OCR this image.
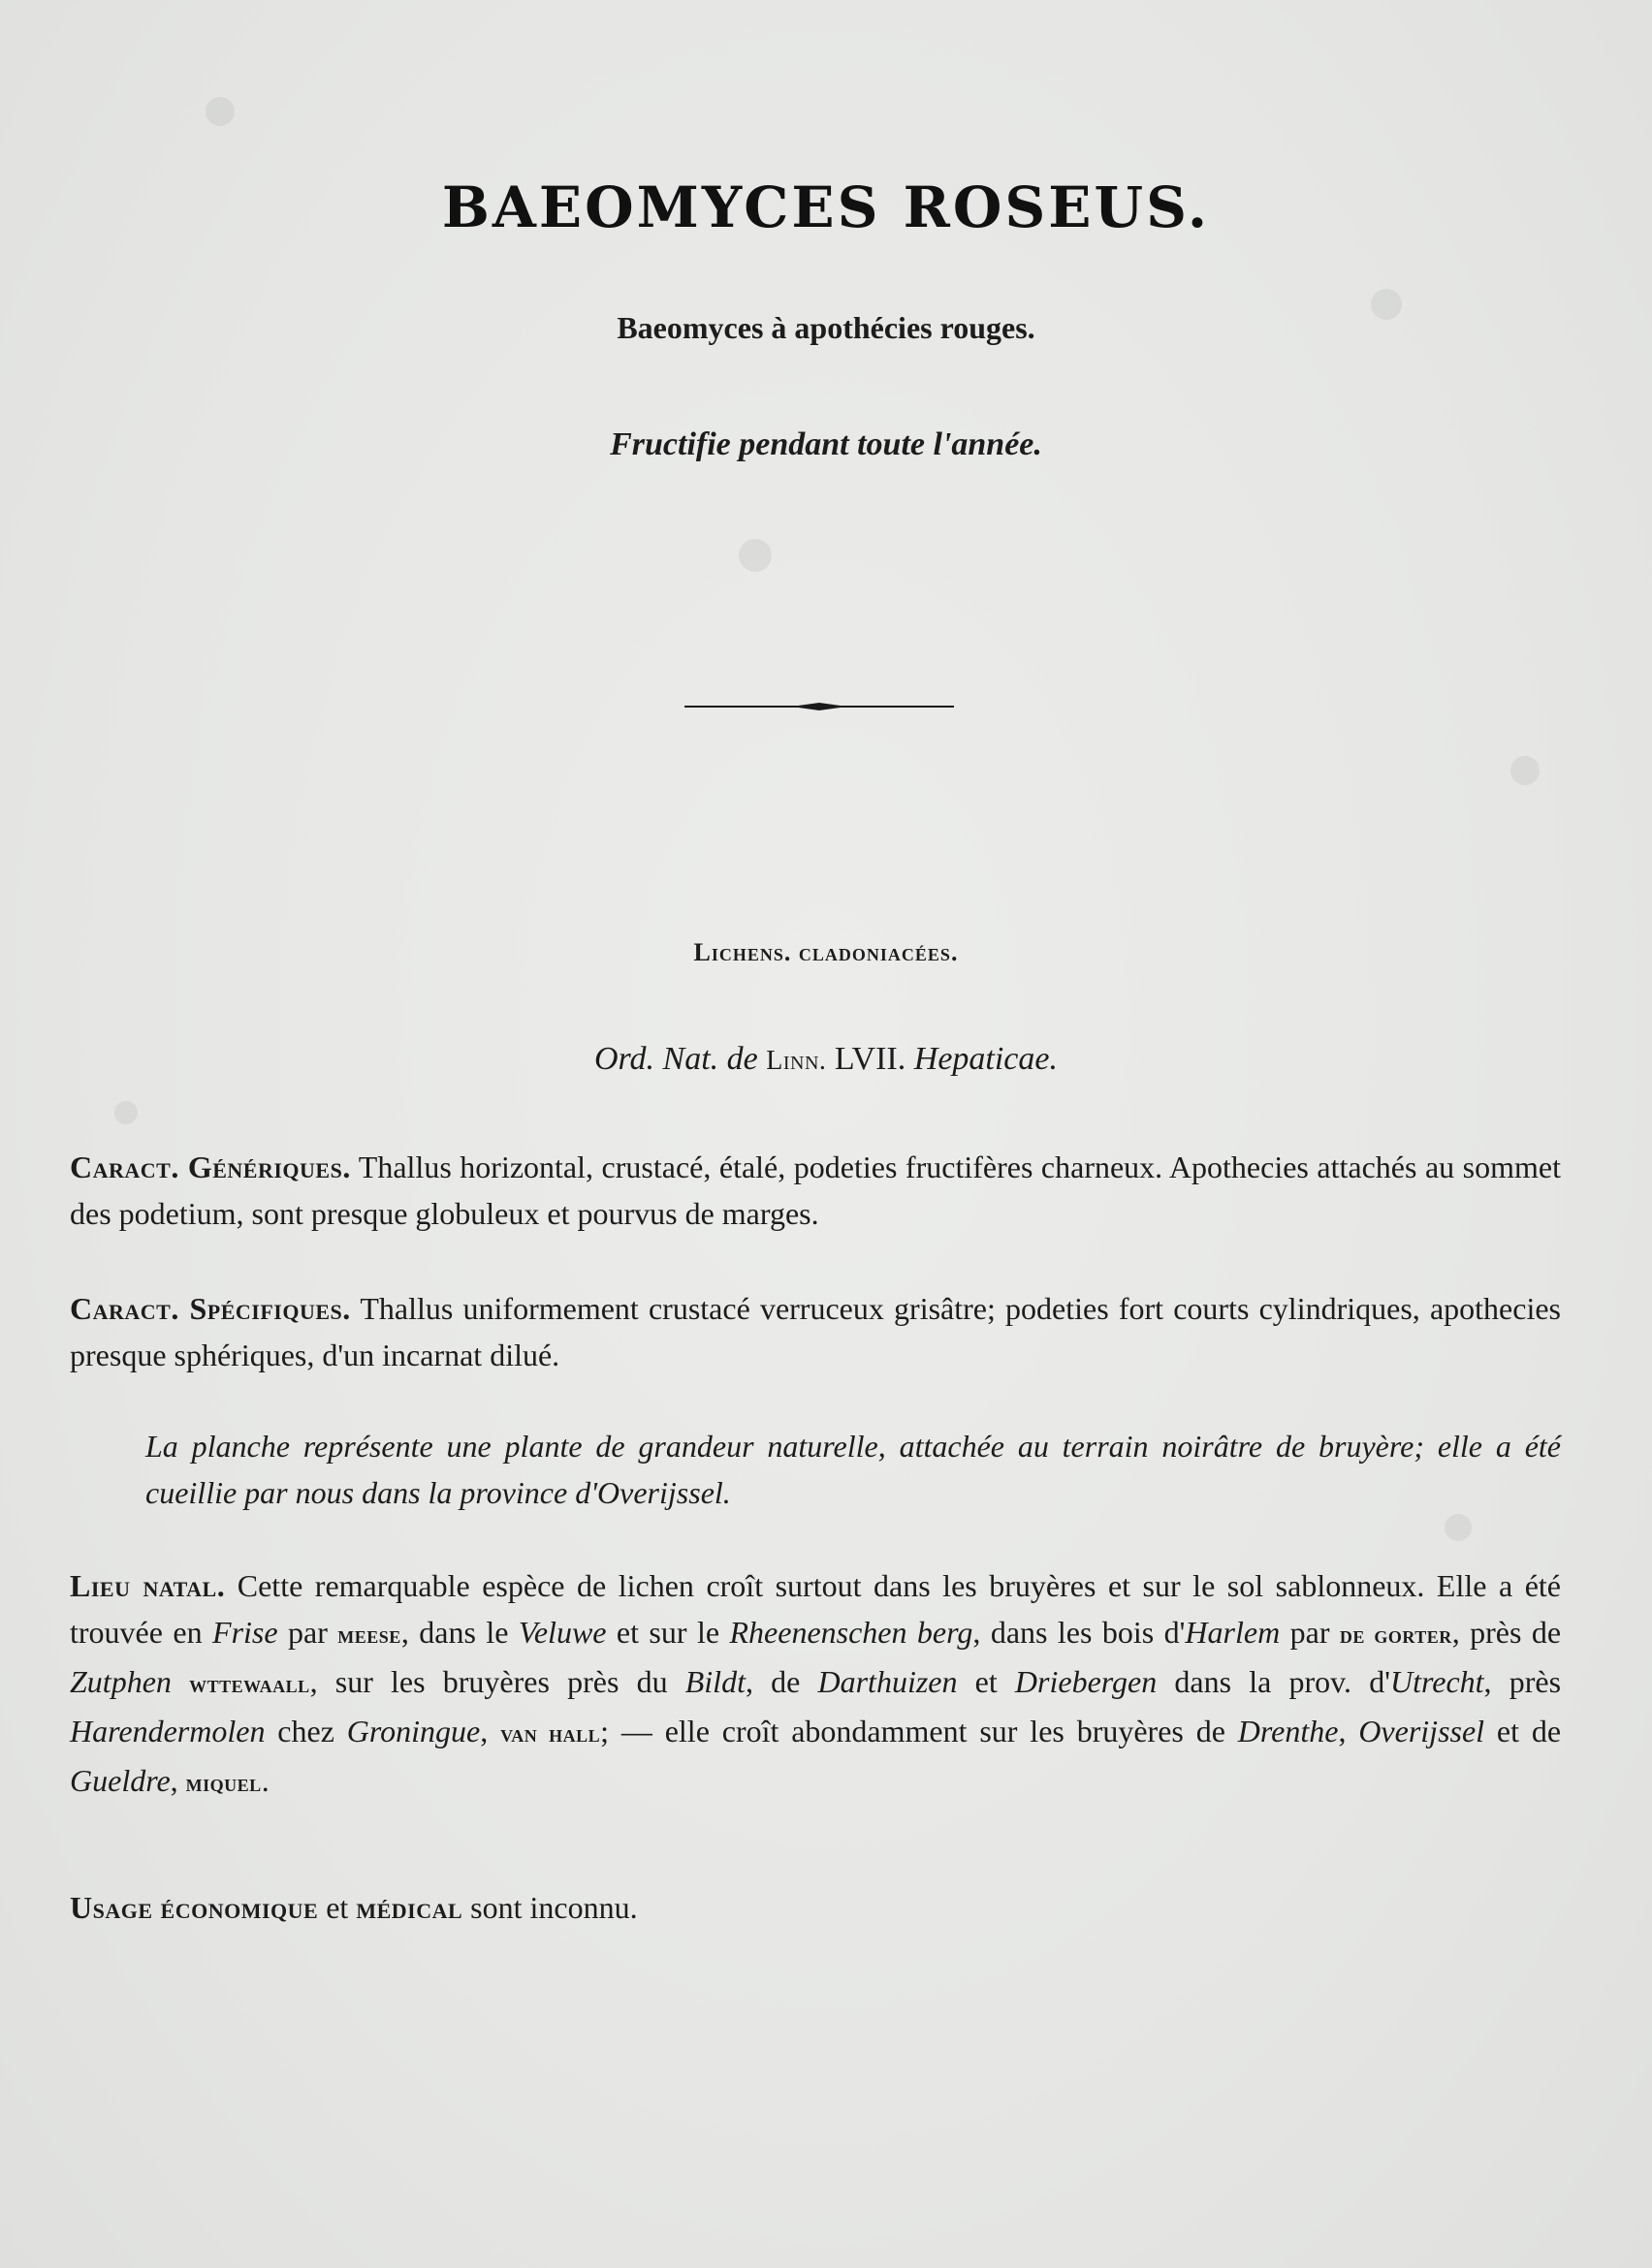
BAEOMYCES ROSEUS.
Baeomyces à apothécies rouges.
Fructifie pendant toute l'année.
Lichens. cladoniacées.
Ord. Nat. de Linn. LVII. Hepaticae.
Caract. Génériques. Thallus horizontal, crustacé, étalé, podeties fructifères charneux. Apothecies attachés au sommet des podetium, sont presque globuleux et pourvus de marges.
Caract. Spécifiques. Thallus uniformement crustacé verruceux grisâtre; podeties fort courts cylindriques, apothecies presque sphériques, d'un incarnat dilué.
La planche représente une plante de grandeur naturelle, attachée au terrain noirâtre de bruyère; elle a été cueillie par nous dans la province d'Overijssel.
Lieu natal. Cette remarquable espèce de lichen croît surtout dans les bruyères et sur le sol sablonneux. Elle a été trouvée en Frise par meese, dans le Veluwe et sur le Rheenenschen berg, dans les bois d'Harlem par de gorter, près de Zutphen wttewaall, sur les bruyères près du Bildt, de Darthuizen et Driebergen dans la prov. d'Utrecht, près Harendermolen chez Groningue, van hall; — elle croît abondamment sur les bruyères de Drenthe, Overijssel et de Gueldre, miquel.
Usage économique et médical sont inconnu.
